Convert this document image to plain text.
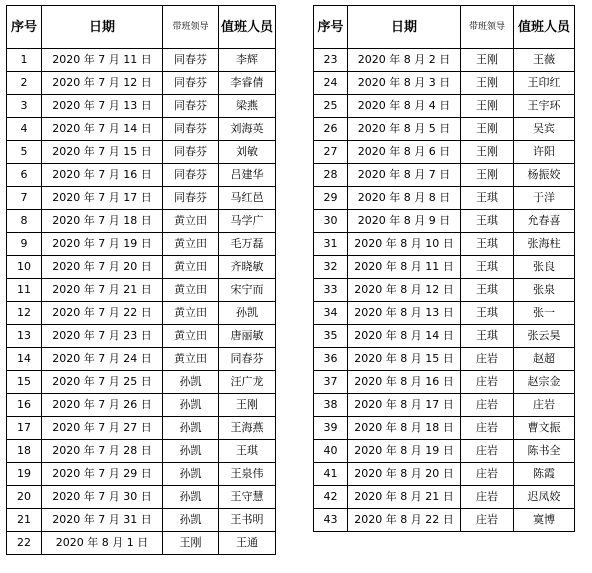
序号	日期	带班领导	值班人员
1	2020 年 7 月 11 日	同春芬	李辉
2	2020 年 7 月 12 日	同春芬	李睿倩
3	2020 年 7 月 13 日	同春芬	梁燕
4	2020 年 7 月 14 日	同春芬	刘海英
5	2020 年 7 月 15 日	同春芬	刘敏
6	2020 年 7 月 16 日	同春芬	吕建华
7	2020 年 7 月 17 日	同春芬	马红邑
8	2020 年 7 月 18 日	黄立田	马学广
9	2020 年 7 月 19 日	黄立田	毛万磊
10	2020 年 7 月 20 日	黄立田	齐晓敏
11	2020 年 7 月 21 日	黄立田	宋宁而
12	2020 年 7 月 22 日	黄立田	孙凯
13	2020 年 7 月 23 日	黄立田	唐丽敏
14	2020 年 7 月 24 日	黄立田	同春芬
15	2020 年 7 月 25 日	孙凯	汪广龙
16	2020 年 7 月 26 日	孙凯	王刚
17	2020 年 7 月 27 日	孙凯	王海燕
18	2020 年 7 月 28 日	孙凯	王琪
19	2020 年 7 月 29 日	孙凯	王泉伟
20	2020 年 7 月 30 日	孙凯	王守慧
21	2020 年 7 月 31 日	孙凯	王书明
22	2020 年 8 月 1 日	王刚	王通
序号	日期	带班领导	值班人员
23	2020 年 8 月 2 日	王刚	王薇
24	2020 年 8 月 3 日	王刚	王印红
25	2020 年 8 月 4 日	王刚	王宇环
26	2020 年 8 月 5 日	王刚	吴宾
27	2020 年 8 月 6 日	王刚	许阳
28	2020 年 8 月 7 日	王刚	杨振姣
29	2020 年 8 月 8 日	王琪	于洋
30	2020 年 8 月 9 日	王琪	允春喜
31	2020 年 8 月 10 日	王琪	张海柱
32	2020 年 8 月 11 日	王琪	张良
33	2020 年 8 月 12 日	王琪	张泉
34	2020 年 8 月 13 日	王琪	张一
35	2020 年 8 月 14 日	王琪	张云昊
36	2020 年 8 月 15 日	庄岩	赵超
37	2020 年 8 月 16 日	庄岩	赵宗金
38	2020 年 8 月 17 日	庄岩	庄岩
39	2020 年 8 月 18 日	庄岩	曹文振
40	2020 年 8 月 19 日	庄岩	陈书全
41	2020 年 8 月 20 日	庄岩	陈霞
42	2020 年 8 月 21 日	庄岩	迟凤姣
43	2020 年 8 月 22 日	庄岩	寞博
